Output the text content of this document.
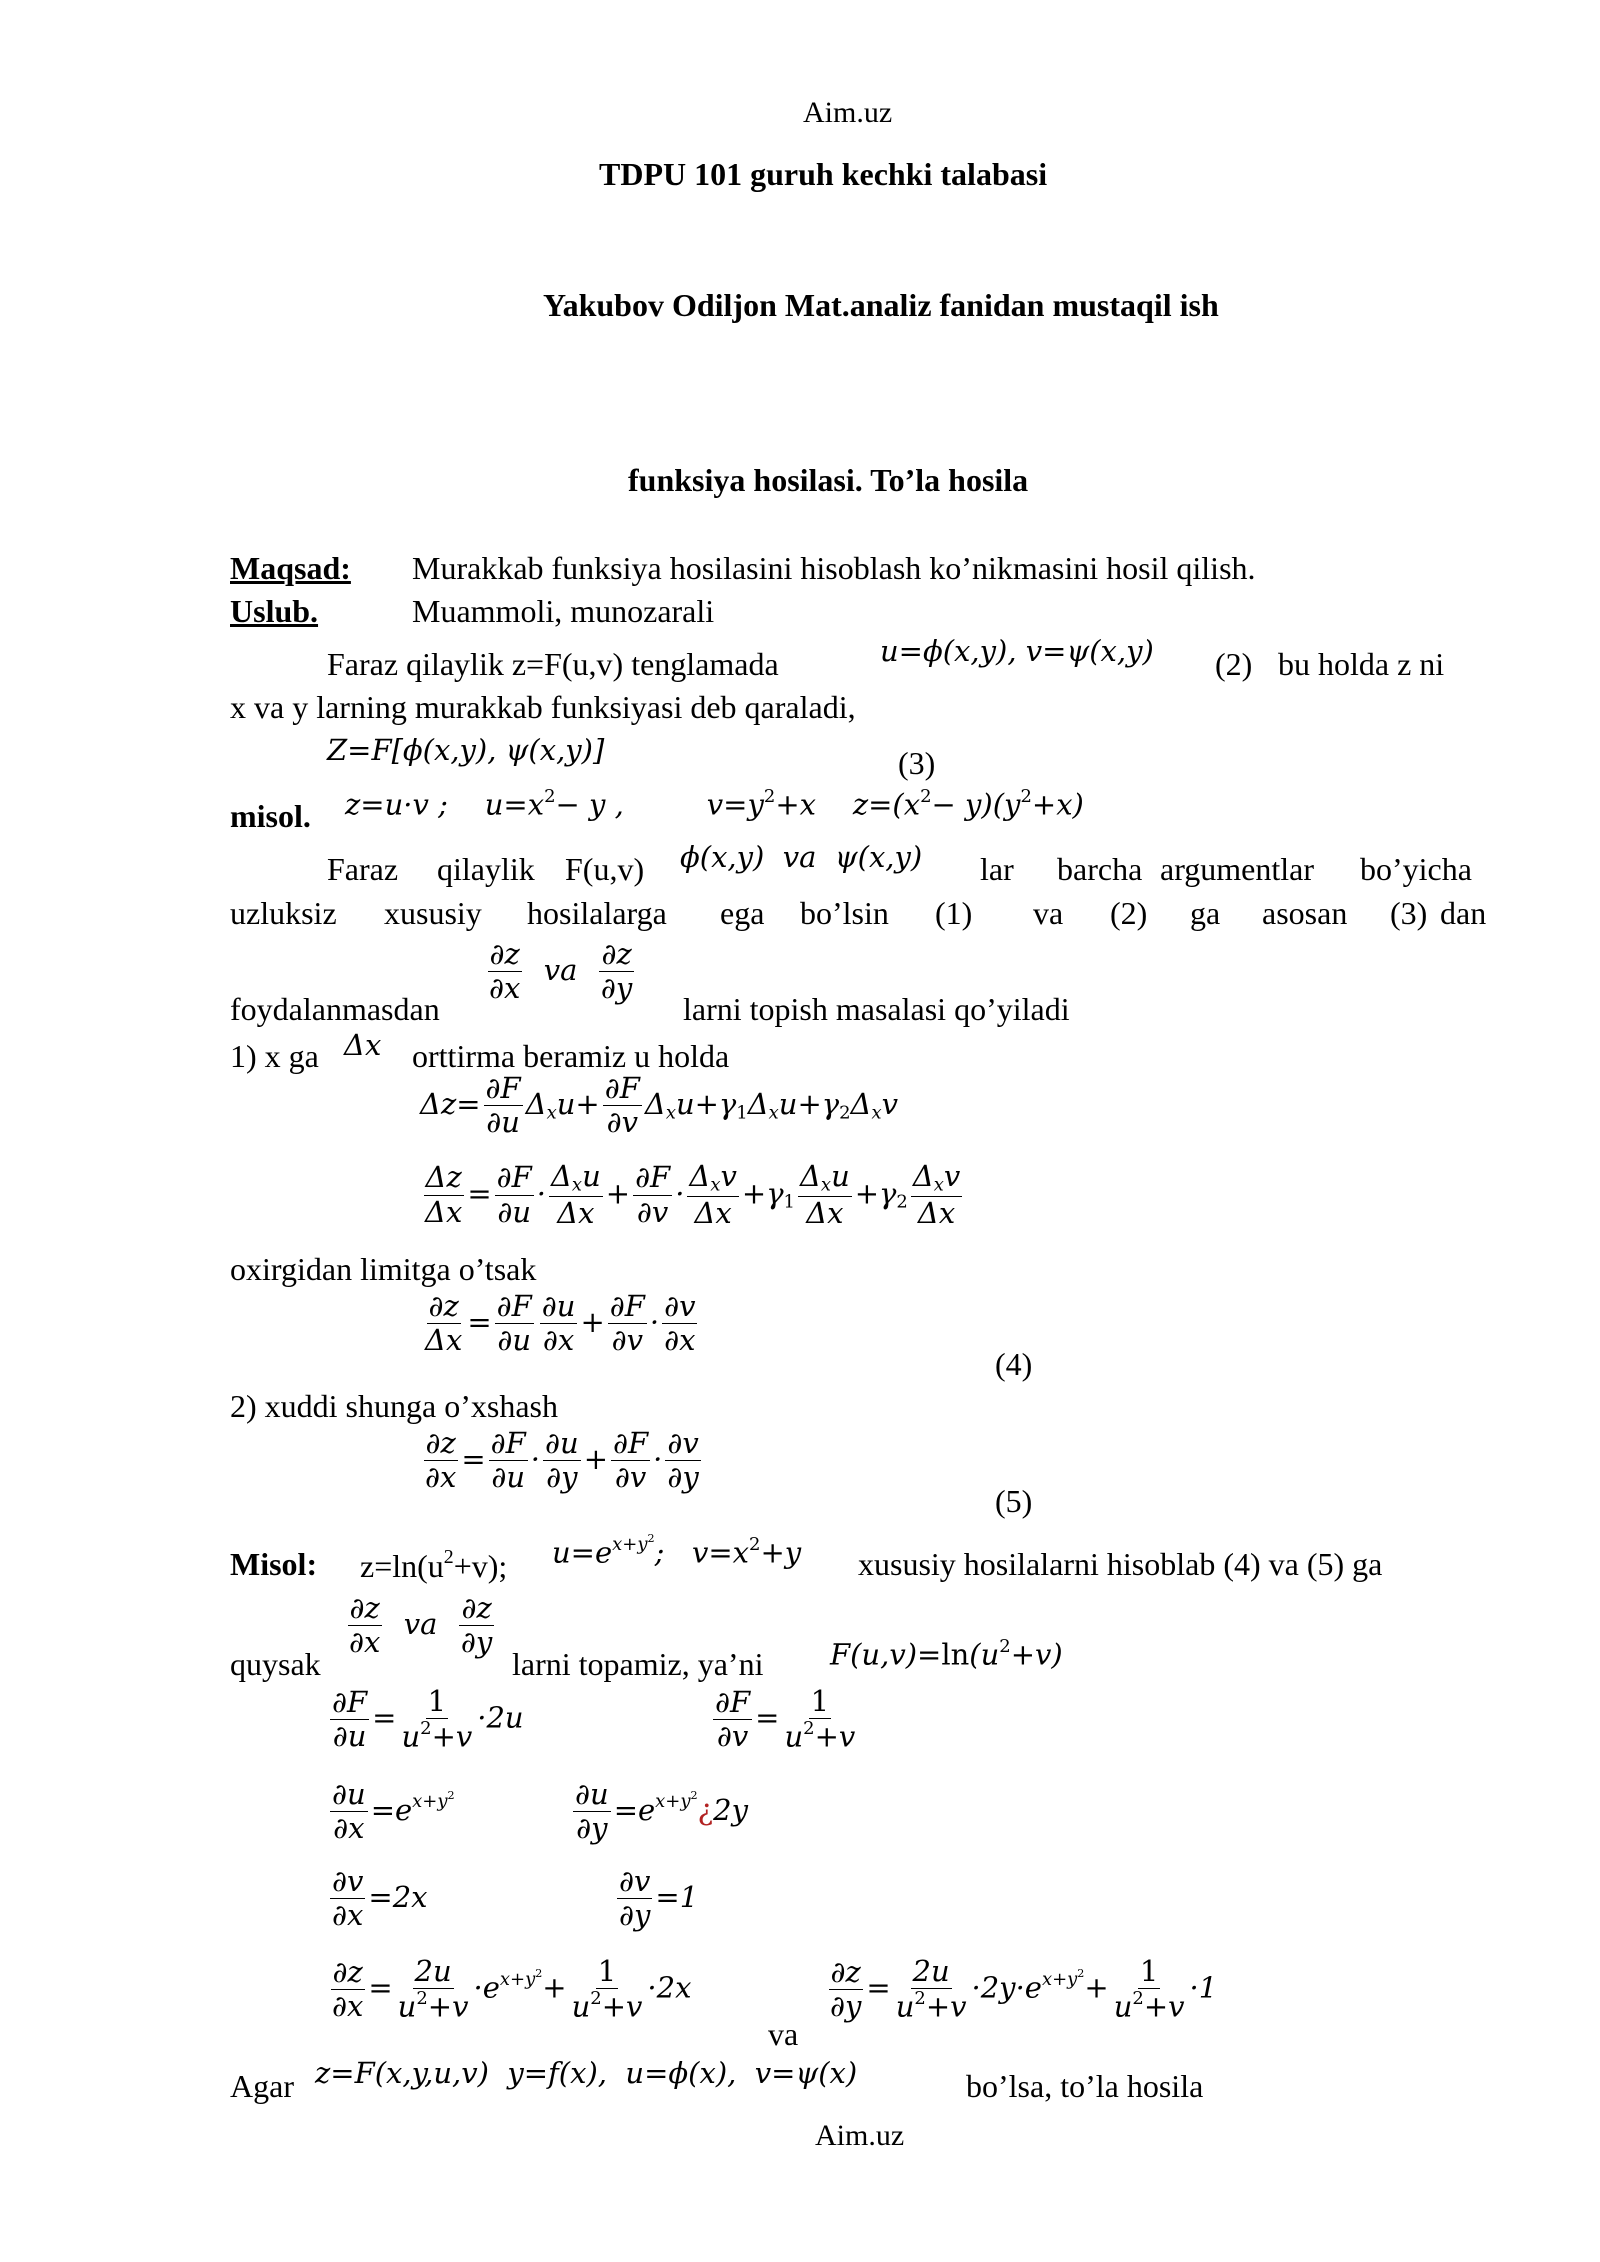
Aim.uz
TDPU 101 guruh kechki talabasi
Yakubov Odiljon Mat.analiz fanidan mustaqil ish
funksiya hosilasi. To’la hosila
Maqsad: Murakkab funksiya hosilasini hisoblash ko’nikmasini hosil qilish.
Uslub.	Muammoli, munozarali
Faraz qilaylik z=F(u,v) tenglamada	u=ϕ(x,y), v=ψ(x,y) (2) bu holda z ni
x va y larning murakkab funksiyasi deb qaraladi,
Z=F[ϕ(x,y), ψ(x,y)]	(3)
misol. z=u·v ;    $u=x^2- y$ ,         $v=y^2+x$    $z=(x^2- y)(y^2+x)$
Faraz qilaylik F(u,v) ϕ(x,y)  va  ψ(x,y) lar barcha argumentlar bo’yicha
uzluksiz xususiy hosilalarga ega bo’lsin (1) va (2) ga asosan (3) dan
foydalanmasdan
$\frac{\partial z}{\partial x}$ va $\frac{\partial z}{\partial y}$
larni topish masalasi qo’yiladi
1) x ga Δx orttirma beramiz u holda
$\Delta z= \frac{\partial F}{\partial u} \Delta_xu+ \frac{\partial F}{\partial v} \Delta_xu+\gamma_1\Delta_xu+\gamma_2\Delta_xv$
$\frac{\Delta z}{\Delta x} = \frac{\partial F}{\partial u} \cdot \frac{\Delta_xu}{\Delta x} + \frac{\partial F}{\partial v} \cdot \frac{\Delta_xv}{\Delta x} +\gamma_1 \frac{\Delta_xu}{\Delta x} +\gamma_2 \frac{\Delta_xv}{\Delta x}$
oxirgidan limitga o’tsak
$\frac{\partial z}{\Delta x} = \frac{\partial F}{\partial u} \frac{\partial u}{\partial x} + \frac{\partial F}{\partial v} \cdot \frac{\partial v}{\partial x}$
(4)
2) xuddi shunga o’xshash
$\frac{\partial z}{\partial x} = \frac{\partial F}{\partial u} \cdot \frac{\partial u}{\partial y} + \frac{\partial F}{\partial v} \cdot \frac{\partial v}{\partial y}$
(5)
Misol: $z=\ln(u^2+v)$; $u=e^{x+y^2}$;   $v=x^2+y$ xususiy hosilalarni hisoblab (4) va (5) ga
quysak
$\frac{\partial z}{\partial x}$ va $\frac{\partial z}{\partial y}$
larni topamiz, ya’ni $F(u,v)=\ln(u^2+v)$
$\frac{\partial F}{\partial u} = \frac{1}{u^2+v} \cdot 2u$	$\frac{\partial F}{\partial v} = \frac{1}{u^2+v}$
$\frac{\partial u}{\partial x} =e^{x+y^2}$	$\frac{\partial u}{\partial y}$ $=e^{x+y^2}¿2y$
$\frac{\partial v}{\partial x} =2x$	$\frac{\partial v}{\partial y} =1$
$\frac{\partial z}{\partial x} = \frac{2u}{u^2+v} \cdot e^{x+y^2}+ \frac{1}{u^2+v} \cdot 2x$
va
$\frac{\partial z}{\partial y} = \frac{2u}{u^2+v} \cdot 2y\cdot e^{x+y^2}+ \frac{1}{u^2+v} \cdot 1$
Agar z=F(x,y,u,v)  y=f(x),  u=ϕ(x),  v=ψ(x)	bo’lsa, to’la hosila
Aim.uz
